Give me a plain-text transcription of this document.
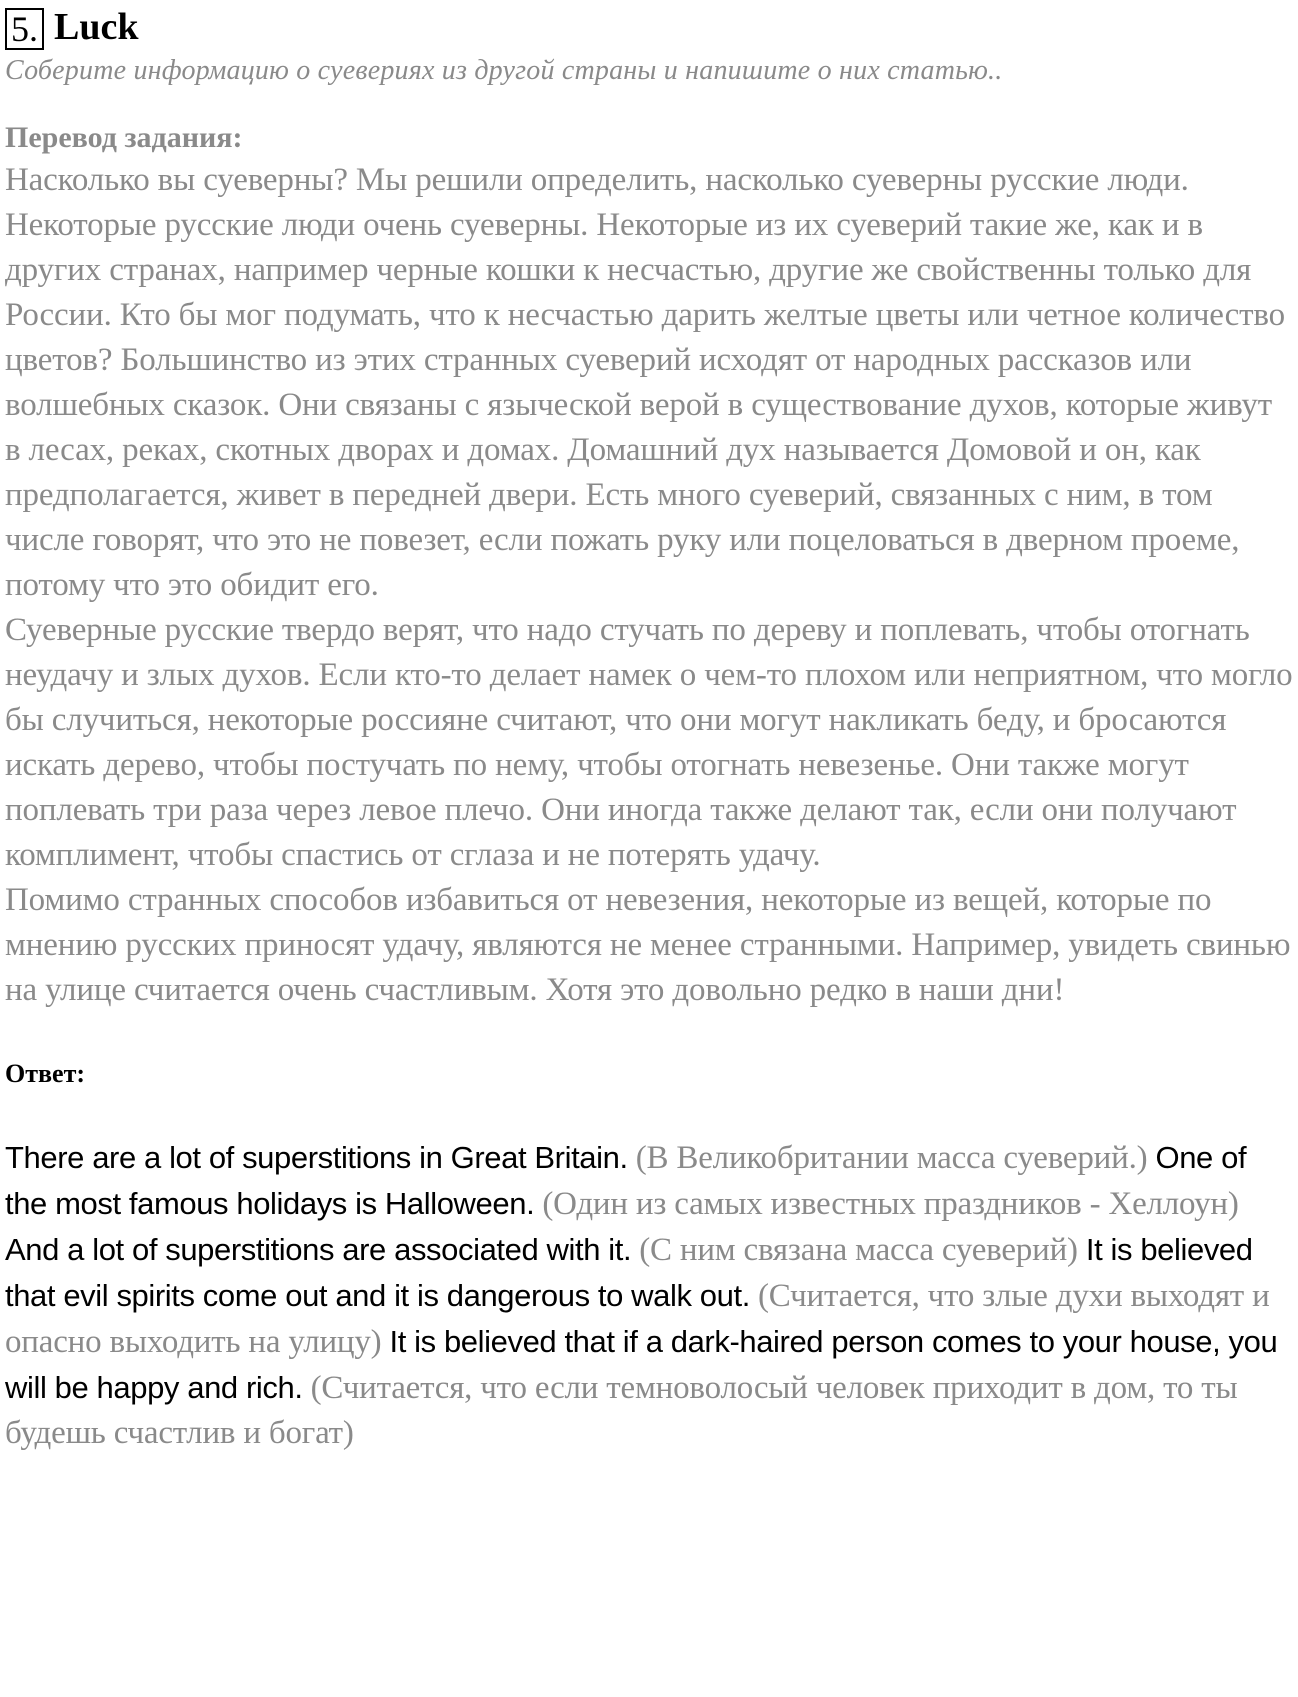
5. Luck
Соберите информацию о суевериях из другой страны и напишите о них статью..
Перевод задания:

Насколько вы суеверны? Мы решили определить, насколько суеверны русские люди.

Некоторые русские люди очень суеверны. Некоторые из их суеверий такие же, как и в других странах, например черные кошки к несчастью, другие же свойственны только для России. Кто бы мог подумать, что к несчастью дарить желтые цветы или четное количество цветов? Большинство из этих странных суеверий исходят от народных рассказов или волшебных сказок. Они связаны с языческой верой в существование духов, которые живут в лесах, реках, скотных дворах и домах. Домашний дух называется Домовой и он, как предполагается, живет в передней двери. Есть много суеверий, связанных с ним, в том числе говорят, что это не повезет, если пожать руку или поцеловаться в дверном проеме, потому что это обидит его.

Суеверные русские твердо верят, что надо стучать по дереву и поплевать, чтобы отогнать неудачу и злых духов. Если кто-то делает намек о чем-то плохом или неприятном, что могло бы случиться, некоторые россияне считают, что они могут накликать беду, и бросаются искать дерево, чтобы постучать по нему, чтобы отогнать невезенье. Они также могут поплевать три раза через левое плечо. Они иногда также делают так, если они получают комплимент, чтобы спастись от сглаза и не потерять удачу.

Помимо странных способов избавиться от невезения, некоторые из вещей, которые по мнению русских приносят удачу, являются не менее странными. Например, увидеть свинью на улице считается очень счастливым. Хотя это довольно редко в наши дни!

Ответ:
There are a lot of superstitions in Great Britain. (В Великобритании масса суеверий.) One of the most famous holidays is Halloween. (Один из самых известных праздников - Хеллоун) And a lot of superstitions are associated with it. (С ним связана масса суеверий) It is believed that evil spirits come out and it is dangerous to walk out. (Считается, что злые духи выходят и опасно выходить на улицу) It is believed that if a dark-haired person comes to your house, you will be happy and rich. (Считается, что если темноволосый человек приходит в дом, то ты будешь счастлив и богат)
